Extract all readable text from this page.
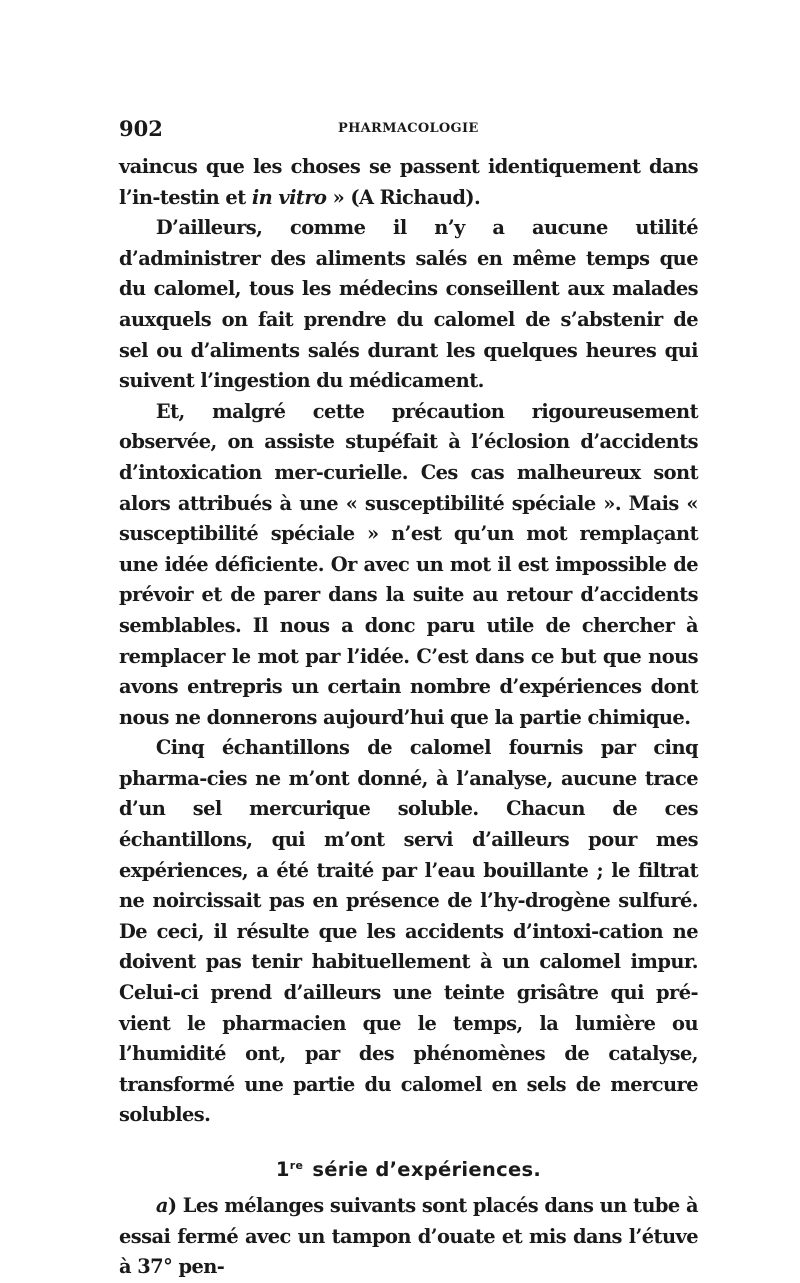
902	PHARMACOLOGIE

vaincus que les choses se passent identiquement dans l’in-testin et in vitro » (A Richaud).

D’ailleurs, comme il n’y a aucune utilité d’administrer des aliments salés en même temps que du calomel, tous les médecins conseillent aux malades auxquels on fait prendre du calomel de s’abstenir de sel ou d’aliments salés durant les quelques heures qui suivent l’ingestion du médicament.

Et, malgré cette précaution rigoureusement observée, on assiste stupéfait à l’éclosion d’accidents d’intoxication mer-curielle. Ces cas malheureux sont alors attribués à une « susceptibilité spéciale ». Mais « susceptibilité spéciale » n’est qu’un mot remplaçant une idée déficiente. Or avec un mot il est impossible de prévoir et de parer dans la suite au retour d’accidents semblables. Il nous a donc paru utile de chercher à remplacer le mot par l’idée. C’est dans ce but que nous avons entrepris un certain nombre d’expériences dont nous ne donnerons aujourd’hui que la partie chimique.

Cinq échantillons de calomel fournis par cinq pharma-cies ne m’ont donné, à l’analyse, aucune trace d’un sel mercurique soluble. Chacun de ces échantillons, qui m’ont servi d’ailleurs pour mes expériences, a été traité par l’eau bouillante ; le filtrat ne noircissait pas en présence de l’hy-drogène sulfuré. De ceci, il résulte que les accidents d’intoxi-cation ne doivent pas tenir habituellement à un calomel impur. Celui-ci prend d’ailleurs une teinte grisâtre qui pré-vient le pharmacien que le temps, la lumière ou l’humidité ont, par des phénomènes de catalyse, transformé une partie du calomel en sels de mercure solubles.

1re série d’expériences.

a) Les mélanges suivants sont placés dans un tube à essai fermé avec un tampon d’ouate et mis dans l’étuve à 37° pen-
